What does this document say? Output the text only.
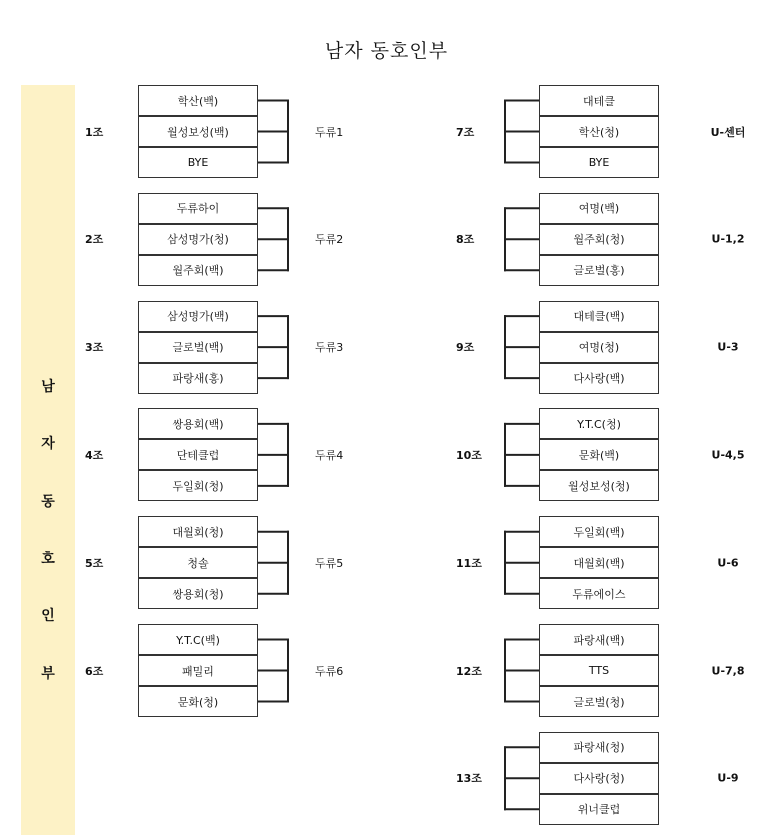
남자 동호인부
남
자
동
호
인
부
학산(백)
월성보성(백)
BYE
1조	두류1
두류하이
삼성명가(청)
월주회(백)
2조	두류2
삼성명가(백)
글로벌(백)
파랑새(홍)
3조	두류3
쌍용회(백)
단테클럽
두일회(청)
4조	두류4
대월회(청)
청솔
쌍용회(청)
5조	두류5
Y.T.C(백)
패밀리
문화(청)
6조	두류6
대테클
학산(청)
BYE
7조	U-센터
여명(백)
월주회(청)
글로벌(홍)
8조	U-1,2
대테클(백)
여명(청)
다사랑(백)
9조	U-3
Y.T.C(청)
문화(백)
월성보성(청)
10조	U-4,5
두일회(백)
대월회(백)
두류에이스
11조	U-6
파랑새(백)
TTS
글로벌(청)
12조	U-7,8
파랑새(청)
다사랑(청)
위너클럽
13조	U-9
